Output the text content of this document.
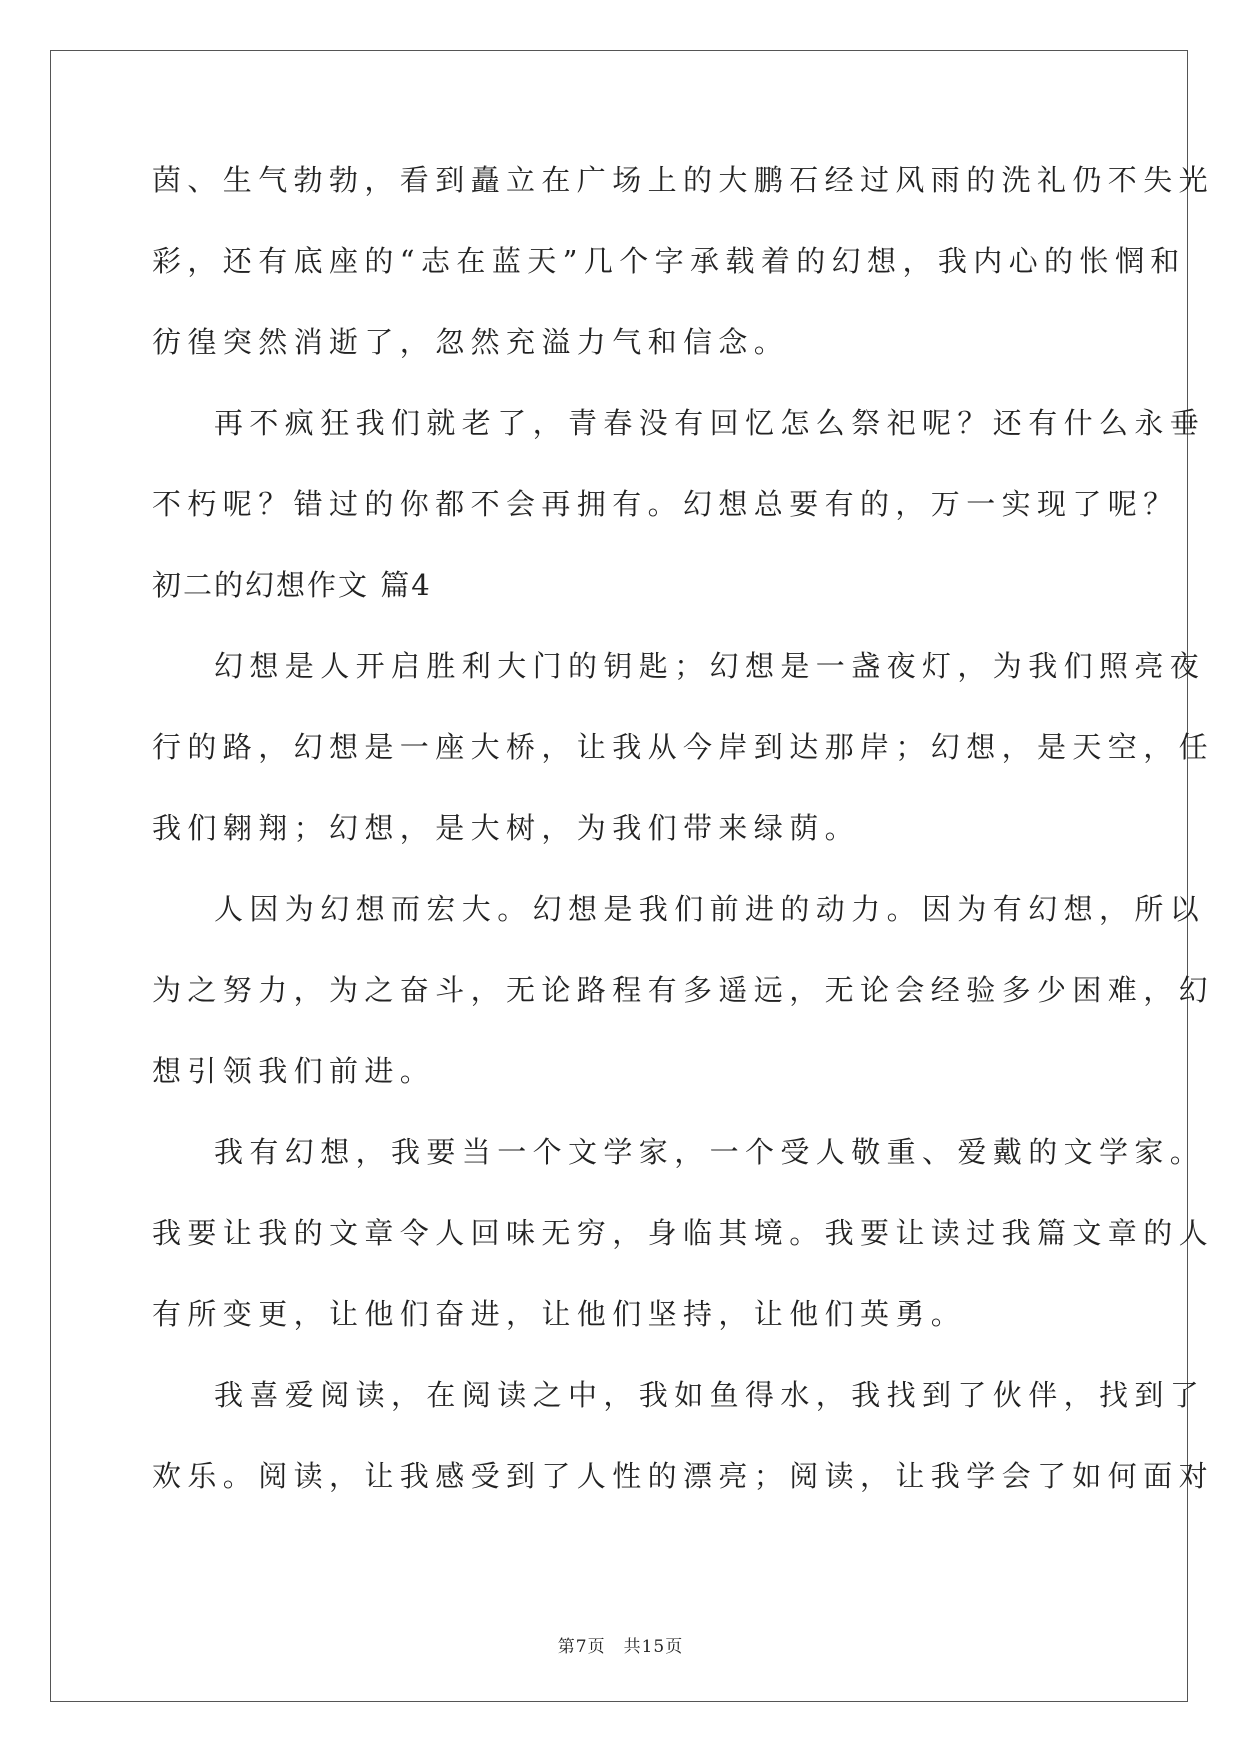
茵、生气勃勃，看到矗立在广场上的大鹏石经过风雨的洗礼仍不失光
彩，还有底座的“志在蓝天”几个字承载着的幻想，我内心的怅惘和
彷徨突然消逝了，忽然充溢力气和信念。
再不疯狂我们就老了，青春没有回忆怎么祭祀呢？还有什么永垂
不朽呢？错过的你都不会再拥有。幻想总要有的，万一实现了呢？
初二的幻想作文 篇4
幻想是人开启胜利大门的钥匙；幻想是一盏夜灯，为我们照亮夜
行的路，幻想是一座大桥，让我从今岸到达那岸；幻想，是天空，任
我们翱翔；幻想，是大树，为我们带来绿荫。
人因为幻想而宏大。幻想是我们前进的动力。因为有幻想，所以
为之努力，为之奋斗，无论路程有多遥远，无论会经验多少困难，幻
想引领我们前进。
我有幻想，我要当一个文学家，一个受人敬重、爱戴的文学家。
我要让我的文章令人回味无穷，身临其境。我要让读过我篇文章的人
有所变更，让他们奋进，让他们坚持，让他们英勇。
我喜爱阅读，在阅读之中，我如鱼得水，我找到了伙伴，找到了
欢乐。阅读，让我感受到了人性的漂亮；阅读，让我学会了如何面对
第7页 共15页
